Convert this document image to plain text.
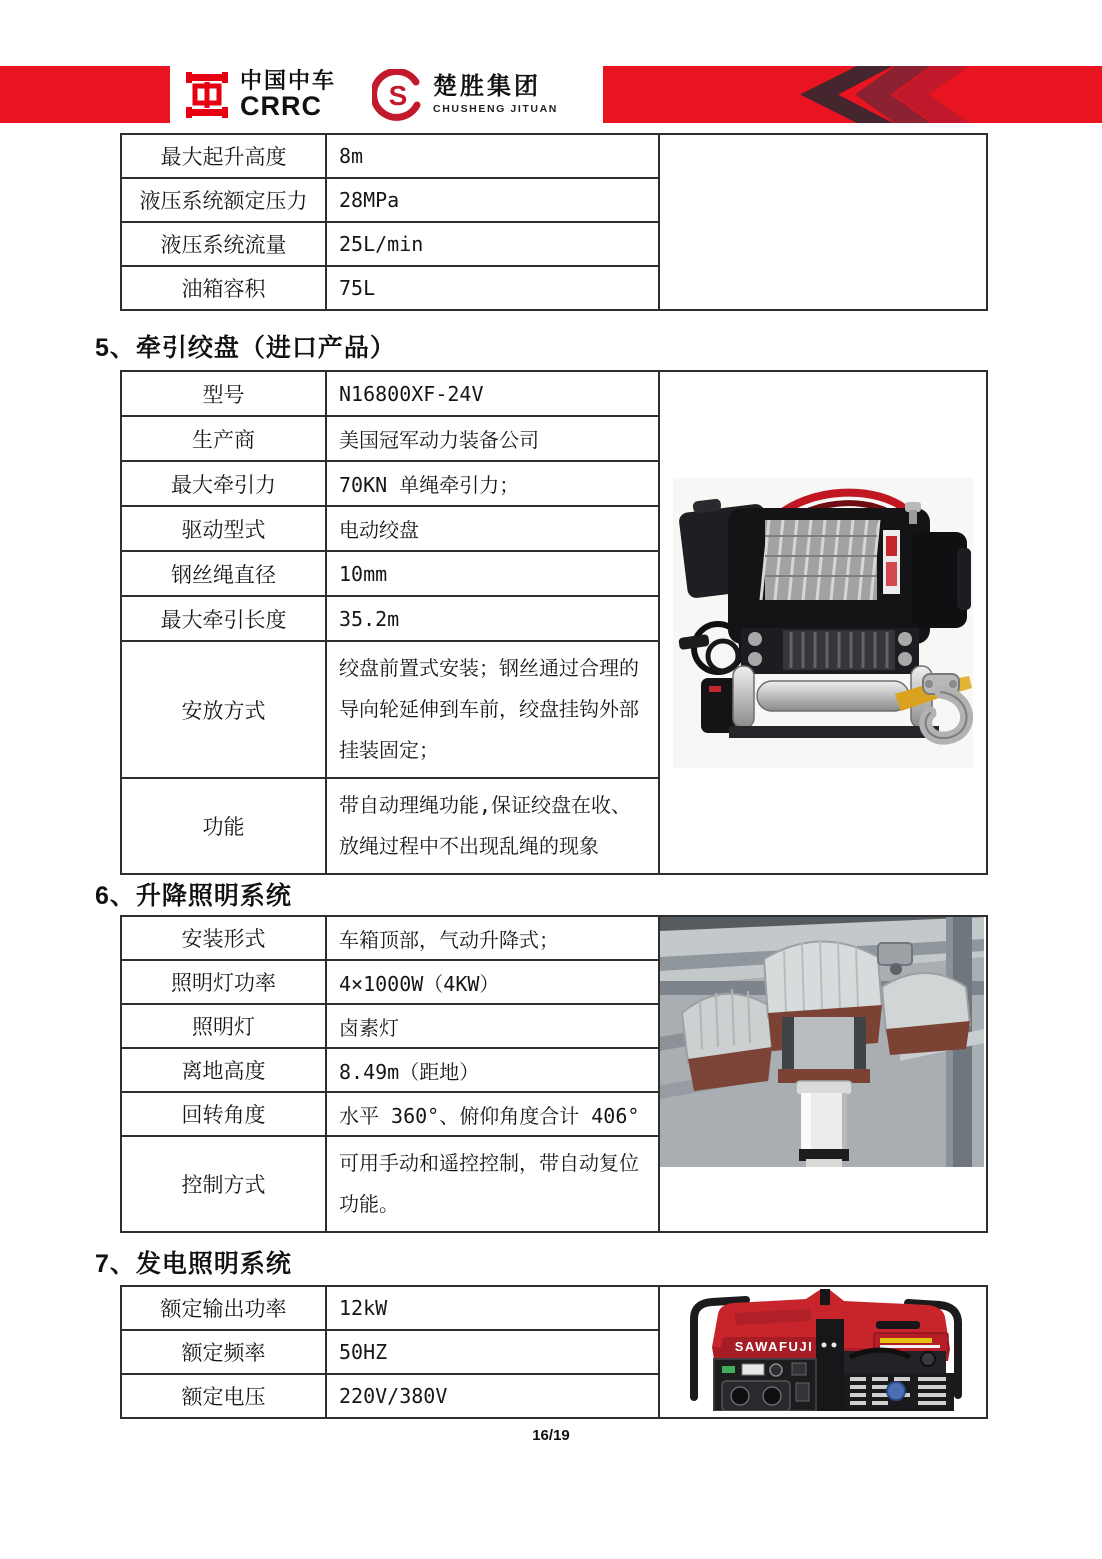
中国中车
CRRC	S 楚胜集团
CHUSHENG JITUAN
最大起升高度	8m	
液压系统额定压力	28MPa	
液压系统流量	25L/min	
油箱容积	75L	
5、牵引绞盘（进口产品）
型号	N16800XF-24V	

生产商	美国冠军动力装备公司	
最大牵引力	70KN 单绳牵引力；	
驱动型式	电动绞盘	
钢丝绳直径	10mm	
最大牵引长度	35.2m	
安放方式	绞盘前置式安装；钢丝通过合理的导向轮延伸到车前，绞盘挂钩外部挂装固定；	
功能	带自动理绳功能,保证绞盘在收、放绳过程中不出现乱绳的现象	
6、升降照明系统
安装形式	车箱顶部，气动升降式；	

照明灯功率	4×1000W（4KW）	
照明灯	卤素灯	
离地高度	8.49m（距地）	
回转角度	水平 360°、俯仰角度合计 406°	
控制方式	可用手动和遥控控制，带自动复位功能。	
7、发电照明系统
额定输出功率	12kW	SAWAFUJI

额定频率	50HZ	
额定电压	220V/380V	
16/19
